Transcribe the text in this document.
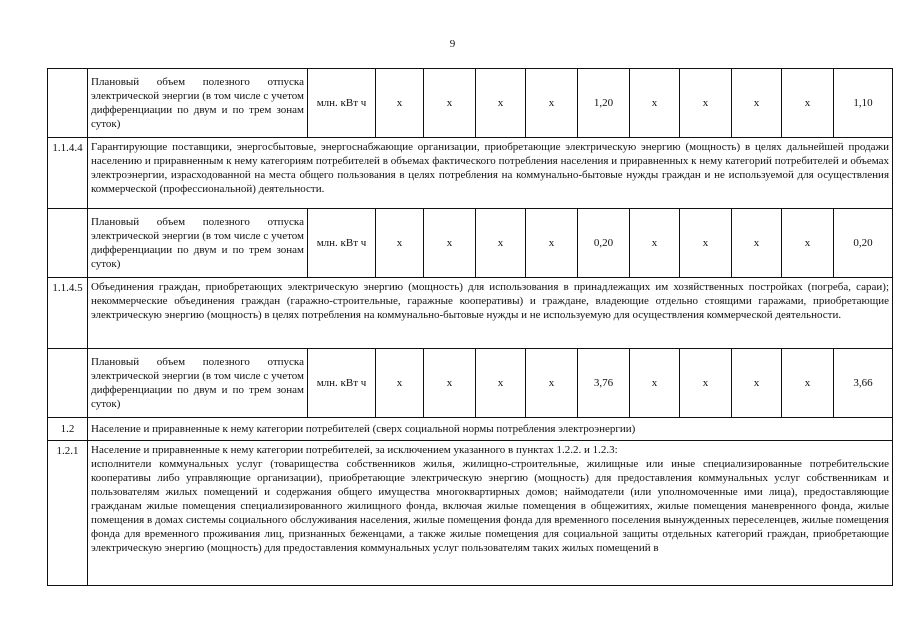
9
	Плановый объем полезного отпуска электрической энергии (в том числе с учетом дифференциации по двум и по трем зонам суток)	млн. кВт ч	х	х	х	х	1,20	х	х	х	х	1,10
1.1.4.4	Гарантирующие поставщики, энергосбытовые, энергоснабжающие организации, приобретающие электрическую энергию (мощность) в целях дальнейшей продажи населению и приравненным к нему категориям потребителей в объемах фактического потребления населения и приравненных к нему категорий потребителей и объемах электроэнергии, израсходованной на места общего пользования в целях потребления на коммунально-бытовые нужды граждан и не используемой для осуществления коммерческой (профессиональной) деятельности.											
	Плановый объем полезного отпуска электрической энергии (в том числе с учетом дифференциации по двум и по трем зонам суток)	млн. кВт ч	х	х	х	х	0,20	х	х	х	х	0,20
1.1.4.5	Объединения граждан, приобретающих электрическую энергию (мощность) для использования в принадлежащих им хозяйственных постройках (погреба, сараи); некоммерческие объединения граждан (гаражно-строительные, гаражные кооперативы) и граждане, владеющие отдельно стоящими гаражами, приобретающие электрическую энергию (мощность) в целях потребления на коммунально-бытовые нужды и не используемую для осуществления коммерческой деятельности.											
	Плановый объем полезного отпуска электрической энергии (в том числе с учетом дифференциации по двум и по трем зонам суток)	млн. кВт ч	х	х	х	х	3,76	х	х	х	х	3,66
1.2	Население и приравненные к нему категории потребителей (сверх социальной нормы потребления электроэнергии)											
1.2.1	Население и приравненные к нему категории потребителей, за исключением указанного в пунктах 1.2.2. и 1.2.3:

исполнители коммунальных услуг (товарищества собственников жилья, жилищно-строительные, жилищные или иные специализированные потребительские кооперативы либо управляющие организации), приобретающие электрическую энергию (мощность) для предоставления коммунальных услуг собственникам и пользователям жилых помещений и содержания общего имущества многоквартирных домов; наймодатели (или уполномоченные ими лица), предоставляющие гражданам жилые помещения специализированного жилищного фонда, включая жилые помещения в общежитиях, жилые помещения маневренного фонда, жилые помещения в домах системы социального обслуживания населения, жилые помещения фонда для временного поселения вынужденных переселенцев, жилые помещения фонда для временного проживания лиц, признанных беженцами, а также жилые помещения для социальной защиты отдельных категорий граждан, приобретающие электрическую энергию (мощность) для предоставления коммунальных услуг пользователям таких жилых помещений в											
